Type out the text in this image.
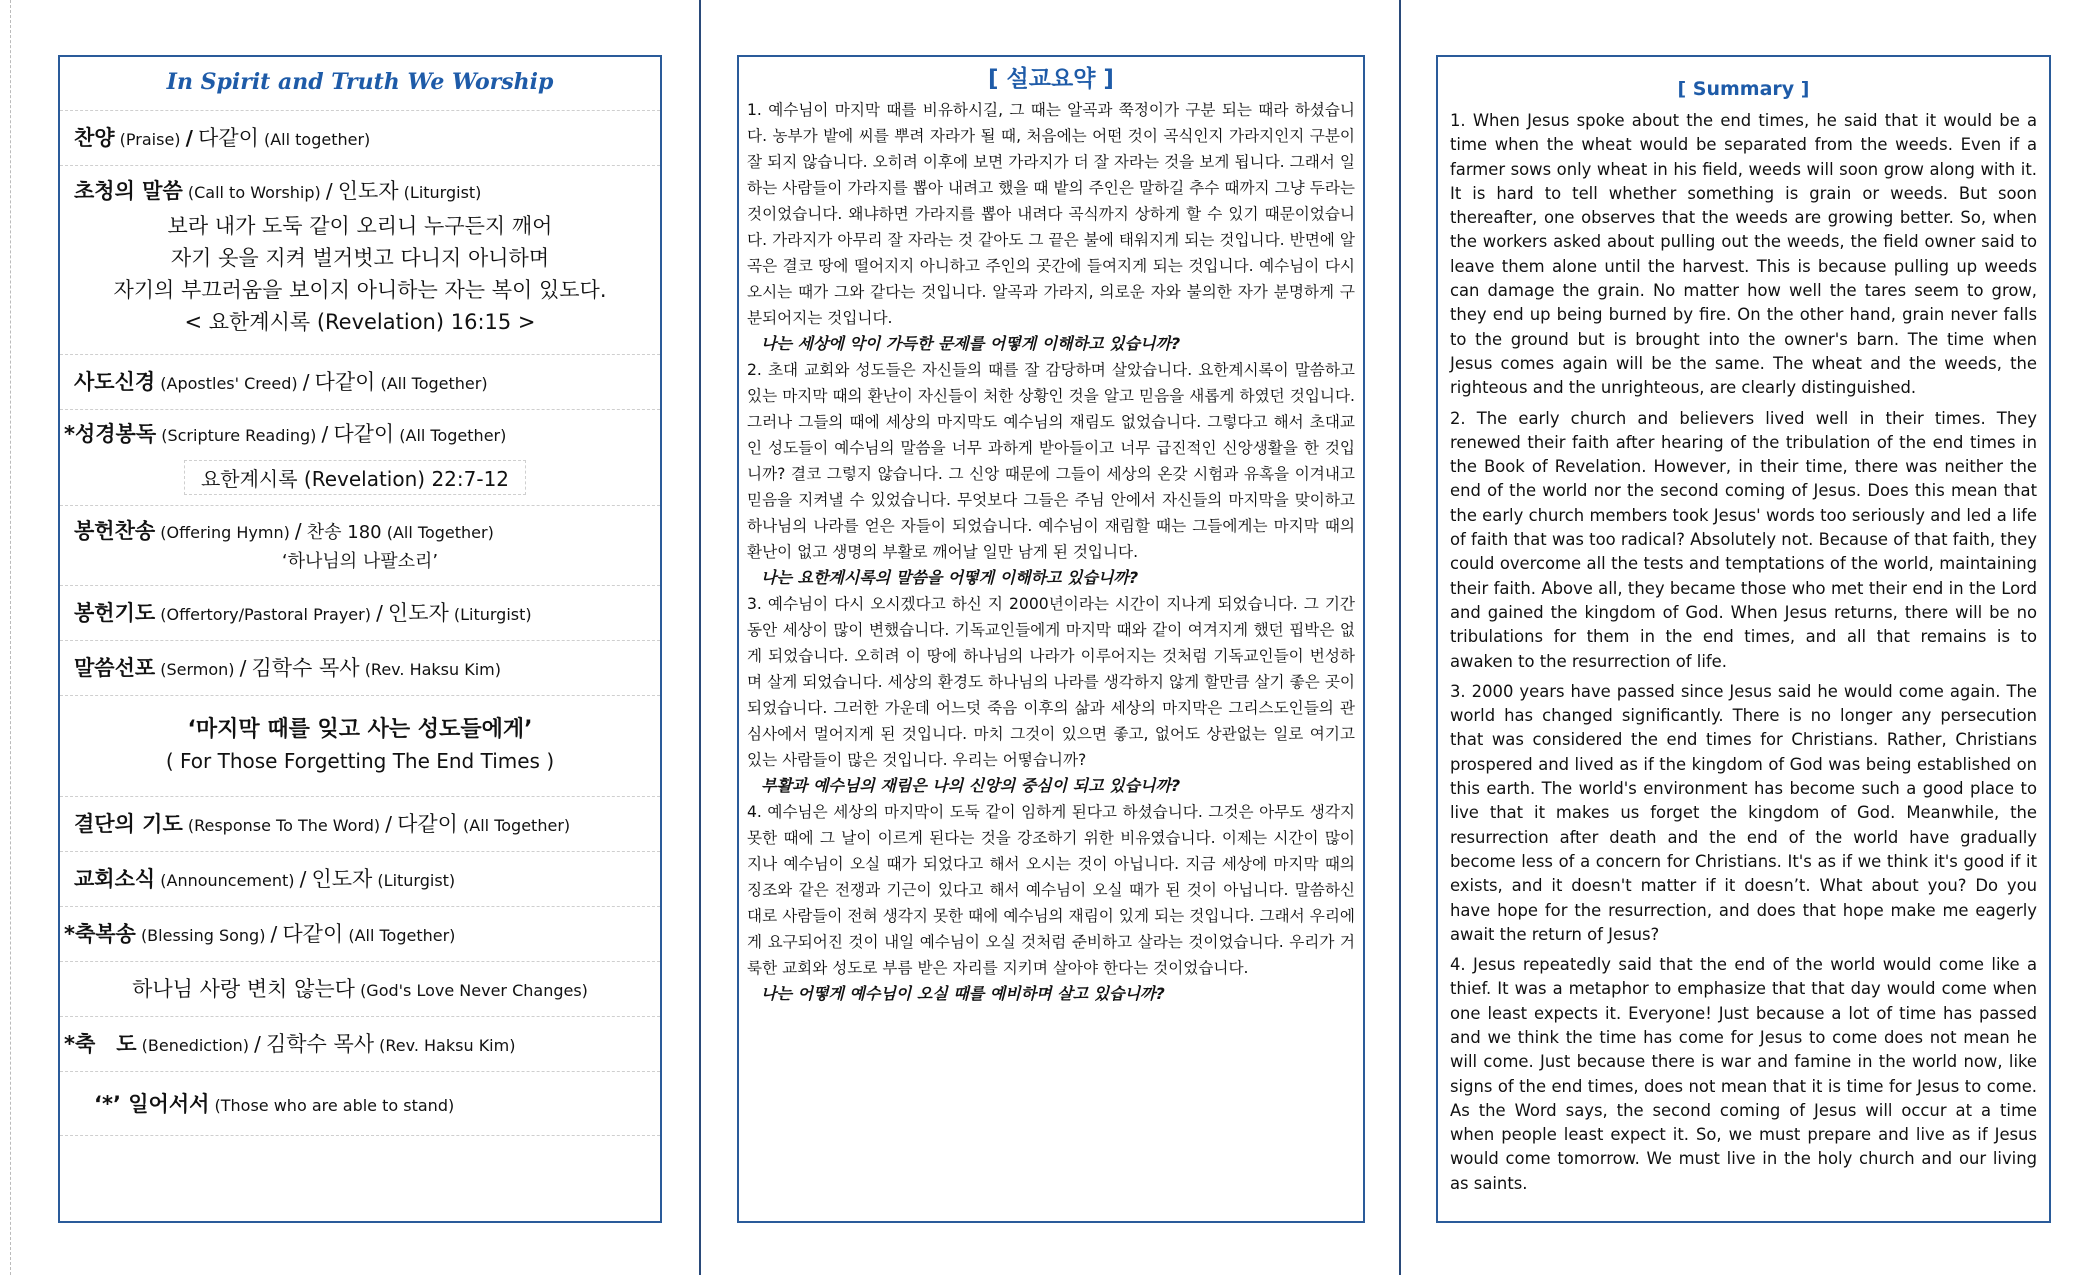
In Spirit and Truth We Worship
찬양 (Praise) / 다같이 (All together)
초청의 말씀 (Call to Worship) / 인도자 (Liturgist)
보라 내가 도둑 같이 오리니 누구든지 깨어
자기 옷을 지켜 벌거벗고 다니지 아니하며
자기의 부끄러움을 보이지 아니하는 자는 복이 있도다.
< 요한계시록 (Revelation) 16:15 >
사도신경 (Apostles' Creed) / 다같이 (All Together)
*성경봉독 (Scripture Reading) / 다같이 (All Together)
요한계시록 (Revelation) 22:7-12
봉헌찬송 (Offering Hymn) / 찬송 180 (All Together)
‘하나님의 나팔소리’
봉헌기도 (Offertory/Pastoral Prayer) / 인도자 (Liturgist)
말씀선포 (Sermon) / 김학수 목사 (Rev. Haksu Kim)
‘마지막 때를 잊고 사는 성도들에게’
( For Those Forgetting The End Times )
결단의 기도 (Response To The Word) / 다같이 (All Together)
교회소식 (Announcement) / 인도자 (Liturgist)
*축복송 (Blessing Song) / 다같이 (All Together)
하나님 사랑 변치 않는다 (God's Love Never Changes)
*축　도 (Benediction) / 김학수 목사 (Rev. Haksu Kim)
‘*’ 일어서서 (Those who are able to stand)
[ 설교요약 ]

1. 예수님이 마지막 때를 비유하시길, 그 때는 알곡과 쭉정이가 구분 되는 때라 하셨습니다. 농부가 밭에 씨를 뿌려 자라가 될 때, 처음에는 어떤 것이 곡식인지 가라지인지 구분이 잘 되지 않습니다. 오히려 이후에 보면 가라지가 더 잘 자라는 것을 보게 됩니다. 그래서 일하는 사람들이 가라지를 뽑아 내려고 했을 때 밭의 주인은 말하길 추수 때까지 그냥 두라는 것이었습니다. 왜냐하면 가라지를 뽑아 내려다 곡식까지 상하게 할 수 있기 때문이었습니다. 가라지가 아무리 잘 자라는 것 같아도 그 끝은 불에 태워지게 되는 것입니다. 반면에 알곡은 결코 땅에 떨어지지 아니하고 주인의 곳간에 들여지게 되는 것입니다. 예수님이 다시 오시는 때가 그와 같다는 것입니다. 알곡과 가라지, 의로운 자와 불의한 자가 분명하게 구분되어지는 것입니다.

나는 세상에 악이 가득한 문제를 어떻게 이해하고 있습니까?

2. 초대 교회와 성도들은 자신들의 때를 잘 감당하며 살았습니다. 요한계시록이 말씀하고 있는 마지막 때의 환난이 자신들이 처한 상황인 것을 알고 믿음을 새롭게 하였던 것입니다. 그러나 그들의 때에 세상의 마지막도 예수님의 재림도 없었습니다. 그렇다고 해서 초대교인 성도들이 예수님의 말씀을 너무 과하게 받아들이고 너무 급진적인 신앙생활을 한 것입니까? 결코 그렇지 않습니다. 그 신앙 때문에 그들이 세상의 온갖 시험과 유혹을 이겨내고 믿음을 지켜낼 수 있었습니다. 무엇보다 그들은 주님 안에서 자신들의 마지막을 맞이하고 하나님의 나라를 얻은 자들이 되었습니다. 예수님이 재림할 때는 그들에게는 마지막 때의 환난이 없고 생명의 부활로 깨어날 일만 남게 된 것입니다.

나는 요한계시록의 말씀을 어떻게 이해하고 있습니까?

3. 예수님이 다시 오시겠다고 하신 지 2000년이라는 시간이 지나게 되었습니다. 그 기간 동안 세상이 많이 변했습니다. 기독교인들에게 마지막 때와 같이 여겨지게 했던 핍박은 없게 되었습니다. 오히려 이 땅에 하나님의 나라가 이루어지는 것처럼 기독교인들이 번성하며 살게 되었습니다. 세상의 환경도 하나님의 나라를 생각하지 않게 할만큼 살기 좋은 곳이 되었습니다. 그러한 가운데 어느덧 죽음 이후의 삶과 세상의 마지막은 그리스도인들의 관심사에서 멀어지게 된 것입니다. 마치 그것이 있으면 좋고, 없어도 상관없는 일로 여기고 있는 사람들이 많은 것입니다. 우리는 어떻습니까?

부활과 예수님의 재림은 나의 신앙의 중심이 되고 있습니까?

4. 예수님은 세상의 마지막이 도둑 같이 임하게 된다고 하셨습니다. 그것은 아무도 생각지 못한 때에 그 날이 이르게 된다는 것을 강조하기 위한 비유였습니다. 이제는 시간이 많이 지나 예수님이 오실 때가 되었다고 해서 오시는 것이 아닙니다. 지금 세상에 마지막 때의 징조와 같은 전쟁과 기근이 있다고 해서 예수님이 오실 때가 된 것이 아닙니다. 말씀하신 대로 사람들이 전혀 생각지 못한 때에 예수님의 재림이 있게 되는 것입니다. 그래서 우리에게 요구되어진 것이 내일 예수님이 오실 것처럼 준비하고 살라는 것이었습니다. 우리가 거룩한 교회와 성도로 부름 받은 자리를 지키며 살아야 한다는 것이었습니다.

나는 어떻게 예수님이 오실 때를 예비하며 살고 있습니까?

[ Summary ]

1. When Jesus spoke about the end times, he said that it would be a time when the wheat would be separated from the weeds. Even if a farmer sows only wheat in his field, weeds will soon grow along with it. It is hard to tell whether something is grain or weeds. But soon thereafter, one observes that the weeds are growing better. So, when the workers asked about pulling out the weeds, the field owner said to leave them alone until the harvest. This is because pulling up weeds can damage the grain. No matter how well the tares seem to grow, they end up being burned by fire. On the other hand, grain never falls to the ground but is brought into the owner's barn. The time when Jesus comes again will be the same. The wheat and the weeds, the righteous and the unrighteous, are clearly distinguished.

2. The early church and believers lived well in their times. They renewed their faith after hearing of the tribulation of the end times in the Book of Revelation. However, in their time, there was neither the end of the world nor the second coming of Jesus. Does this mean that the early church members took Jesus' words too seriously and led a life of faith that was too radical? Absolutely not. Because of that faith, they could overcome all the tests and temptations of the world, maintaining their faith. Above all, they became those who met their end in the Lord and gained the kingdom of God. When Jesus returns, there will be no tribulations for them in the end times, and all that remains is to awaken to the resurrection of life.

3. 2000 years have passed since Jesus said he would come again. The world has changed significantly. There is no longer any persecution that was considered the end times for Christians. Rather, Christians prospered and lived as if the kingdom of God was being established on this earth. The world's environment has become such a good place to live that it makes us forget the kingdom of God. Meanwhile, the resurrection after death and the end of the world have gradually become less of a concern for Christians. It's as if we think it's good if it exists, and it doesn't matter if it doesn’t. What about you? Do you have hope for the resurrection, and does that hope make me eagerly await the return of Jesus?

4. Jesus repeatedly said that the end of the world would come like a thief. It was a metaphor to emphasize that that day would come when one least expects it. Everyone! Just because a lot of time has passed and we think the time has come for Jesus to come does not mean he will come. Just because there is war and famine in the world now, like signs of the end times, does not mean that it is time for Jesus to come. As the Word says, the second coming of Jesus will occur at a time when people least expect it. So, we must prepare and live as if Jesus would come tomorrow. We must live in the holy church and our living as saints.
